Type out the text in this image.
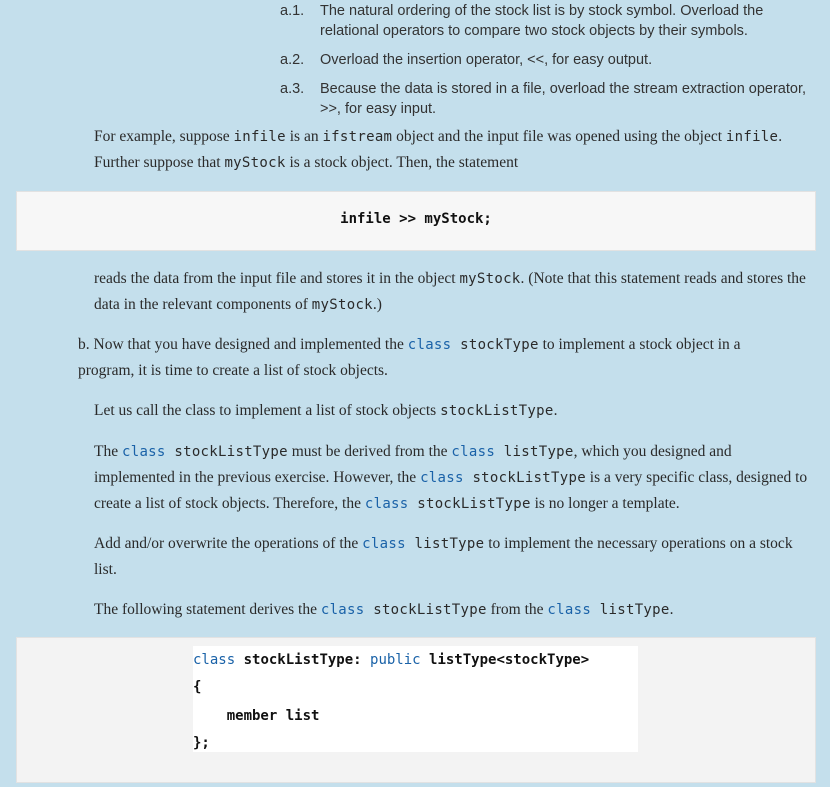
a.1. The natural ordering of the stock list is by stock symbol. Overload the relational operators to compare two stock objects by their symbols.
a.2. Overload the insertion operator, <<, for easy output.
a.3. Because the data is stored in a file, overload the stream extraction operator, >>, for easy input.
For example, suppose infile is an ifstream object and the input file was opened using the object infile. Further suppose that myStock is a stock object. Then, the statement
infile >> myStock;
reads the data from the input file and stores it in the object myStock. (Note that this statement reads and stores the data in the relevant components of myStock.)
b. Now that you have designed and implemented the class stockType to implement a stock object in a program, it is time to create a list of stock objects.
Let us call the class to implement a list of stock objects stockListType.
The class stockListType must be derived from the class listType, which you designed and implemented in the previous exercise. However, the class stockListType is a very specific class, designed to create a list of stock objects. Therefore, the class stockListType is no longer a template.
Add and/or overwrite the operations of the class listType to implement the necessary operations on a stock list.
The following statement derives the class stockListType from the class listType.
class stockListType: public listType<stockType>
{
member list
};
